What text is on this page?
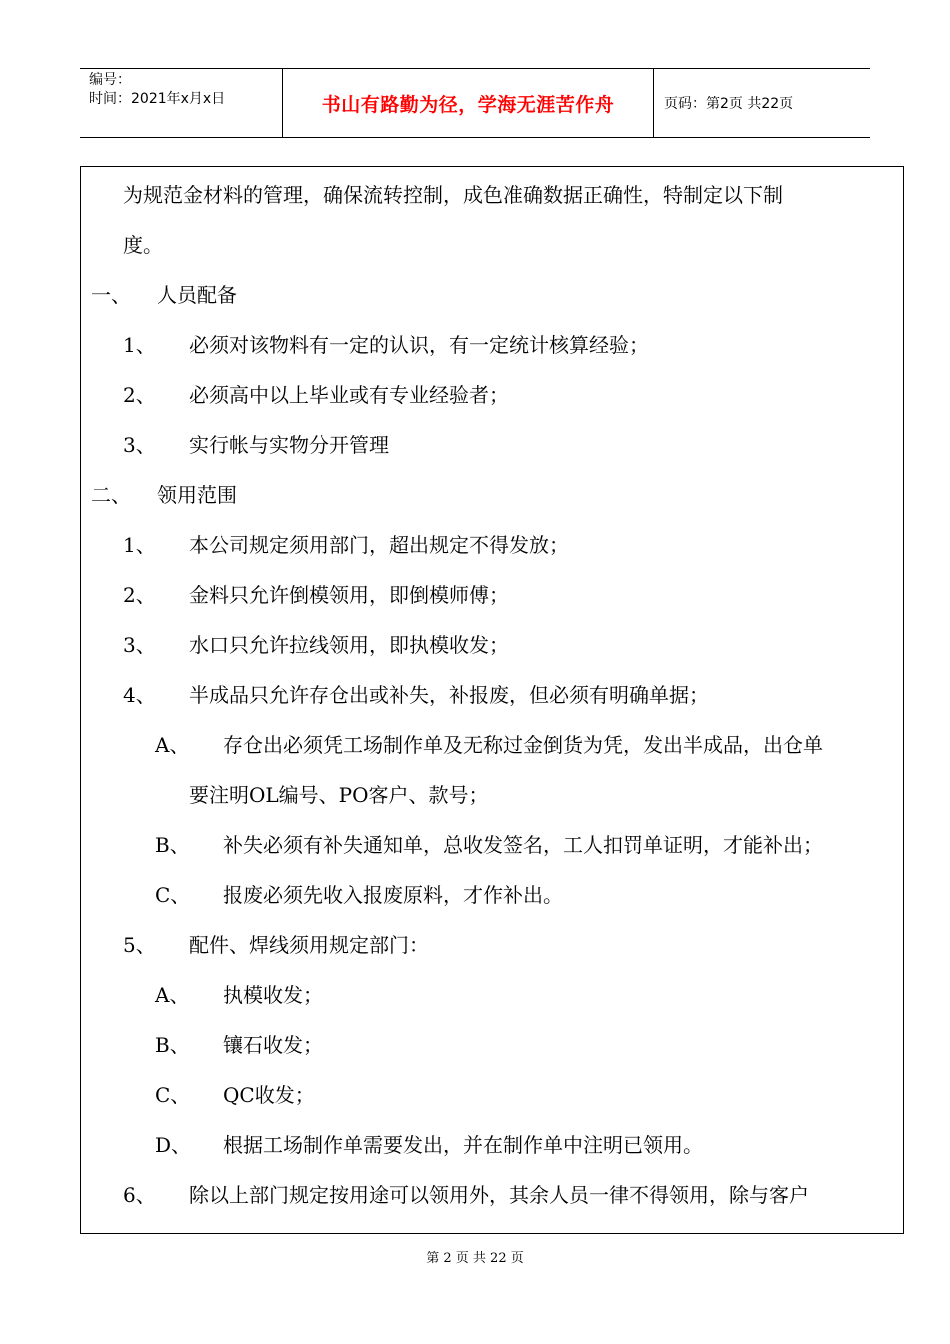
编号：
时间：2021年x月x日	书山有路勤为径，学海无涯苦作舟	页码：第2页 共22页
为规范金材料的管理，确保流转控制，成色准确数据正确性，特制定以下制
度。
一、 人员配备
1、 必须对该物料有一定的认识，有一定统计核算经验；
2、 必须高中以上毕业或有专业经验者；
3、 实行帐与实物分开管理
二、 领用范围
1、 本公司规定须用部门，超出规定不得发放；
2、 金料只允许倒模领用，即倒模师傅；
3、 水口只允许拉线领用，即执模收发；
4、 半成品只允许存仓出或补失，补报废，但必须有明确单据；
A、 存仓出必须凭工场制作单及无称过金倒货为凭，发出半成品，出仓单
要注明OL编号、PO客户、款号；
B、 补失必须有补失通知单，总收发签名，工人扣罚单证明，才能补出；
C、 报废必须先收入报废原料，才作补出。
5、 配件、焊线须用规定部门：
A、 执模收发；
B、 镶石收发；
C、 QC收发；
D、 根据工场制作单需要发出，并在制作单中注明已领用。
6、 除以上部门规定按用途可以领用外，其余人员一律不得领用，除与客户
第 2 页 共 22 页
